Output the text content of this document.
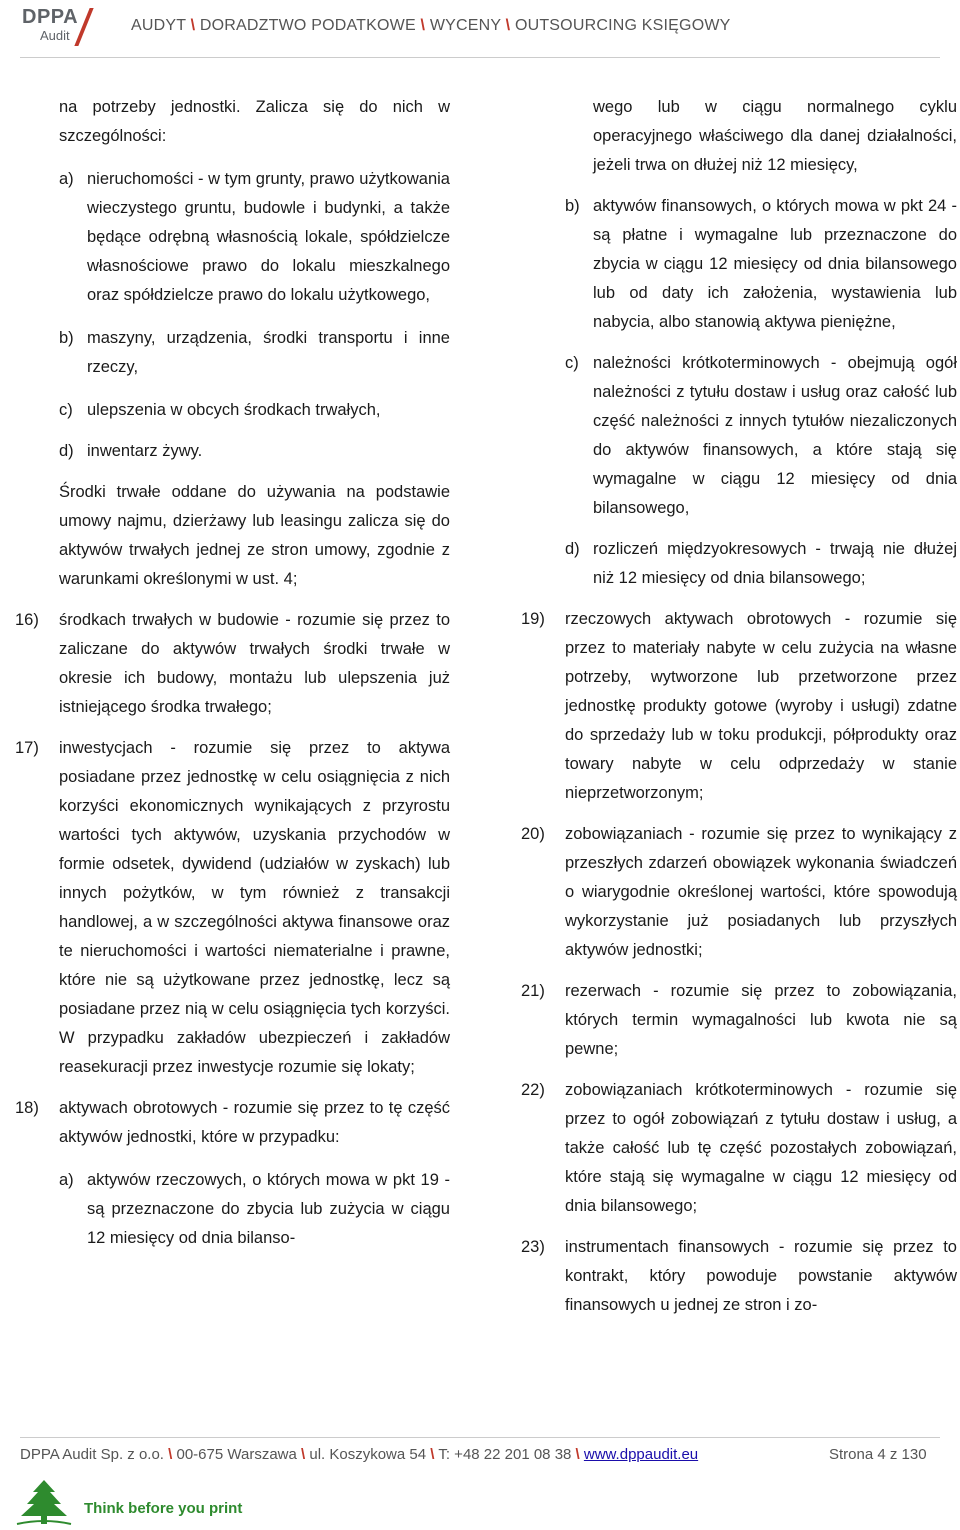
DPPA
Audit
AUDYT \ DORADZTWO PODATKOWE \ WYCENY \ OUTSOURCING KSIĘGOWY

na potrzeby jednostki. Zalicza się do nich w szczególności:

a) nieruchomości - w tym grunty, prawo użytkowania wieczystego gruntu, budowle i budynki, a także będące odrębną własnością lokale, spółdzielcze własnościowe prawo do lokalu mieszkalnego oraz spółdzielcze prawo do lokalu użytkowego,

b) maszyny, urządzenia, środki transportu i inne rzeczy,

c) ulepszenia w obcych środkach trwałych,

d) inwentarz żywy.

Środki trwałe oddane do używania na podstawie umowy najmu, dzierżawy lub leasingu zalicza się do aktywów trwałych jednej ze stron umowy, zgodnie z warunkami określonymi w ust. 4;

16) środkach trwałych w budowie - rozumie się przez to zaliczane do aktywów trwałych środki trwałe w okresie ich budowy, montażu lub ulepszenia już istniejącego środka trwałego;

17) inwestycjach - rozumie się przez to aktywa posiadane przez jednostkę w celu osiągnięcia z nich korzyści ekonomicznych wynikających z przyrostu wartości tych aktywów, uzyskania przychodów w formie odsetek, dywidend (udziałów w zyskach) lub innych pożytków, w tym również z transakcji handlowej, a w szczególności aktywa finansowe oraz te nieruchomości i wartości niematerialne i prawne, które nie są użytkowane przez jednostkę, lecz są posiadane przez nią w celu osiągnięcia tych korzyści. W przypadku zakładów ubezpieczeń i zakładów reasekuracji przez inwestycje rozumie się lokaty;

18) aktywach obrotowych - rozumie się przez to tę część aktywów jednostki, które w przypadku:

a) aktywów rzeczowych, o których mowa w pkt 19 - są przeznaczone do zbycia lub zużycia w ciągu 12 miesięcy od dnia bilanso-

wego lub w ciągu normalnego cyklu operacyjnego właściwego dla danej działalności, jeżeli trwa on dłużej niż 12 miesięcy,

b) aktywów finansowych, o których mowa w pkt 24 - są płatne i wymagalne lub przeznaczone do zbycia w ciągu 12 miesięcy od dnia bilansowego lub od daty ich założenia, wystawienia lub nabycia, albo stanowią aktywa pieniężne,

c) należności krótkoterminowych - obejmują ogół należności z tytułu dostaw i usług oraz całość lub część należności z innych tytułów niezaliczonych do aktywów finansowych, a które stają się wymagalne w ciągu 12 miesięcy od dnia bilansowego,

d) rozliczeń międzyokresowych - trwają nie dłużej niż 12 miesięcy od dnia bilansowego;

19) rzeczowych aktywach obrotowych - rozumie się przez to materiały nabyte w celu zużycia na własne potrzeby, wytworzone lub przetworzone przez jednostkę produkty gotowe (wyroby i usługi) zdatne do sprzedaży lub w toku produkcji, półprodukty oraz towary nabyte w celu odprzedaży w stanie nieprzetworzonym;

20) zobowiązaniach - rozumie się przez to wynikający z przeszłych zdarzeń obowiązek wykonania świadczeń o wiarygodnie określonej wartości, które spowodują wykorzystanie już posiadanych lub przyszłych aktywów jednostki;

21) rezerwach - rozumie się przez to zobowiązania, których termin wymagalności lub kwota nie są pewne;

22) zobowiązaniach krótkoterminowych - rozumie się przez to ogół zobowiązań z tytułu dostaw i usług, a także całość lub tę część pozostałych zobowiązań, które stają się wymagalne w ciągu 12 miesięcy od dnia bilansowego;

23) instrumentach finansowych - rozumie się przez to kontrakt, który powoduje powstanie aktywów finansowych u jednej ze stron i zo-

DPPA Audit Sp. z o.o. \ 00-675 Warszawa \ ul. Koszykowa 54 \ T: +48 22 201 08 38 \ www.dppaudit.eu	Strona 4 z 130
Think before you print
